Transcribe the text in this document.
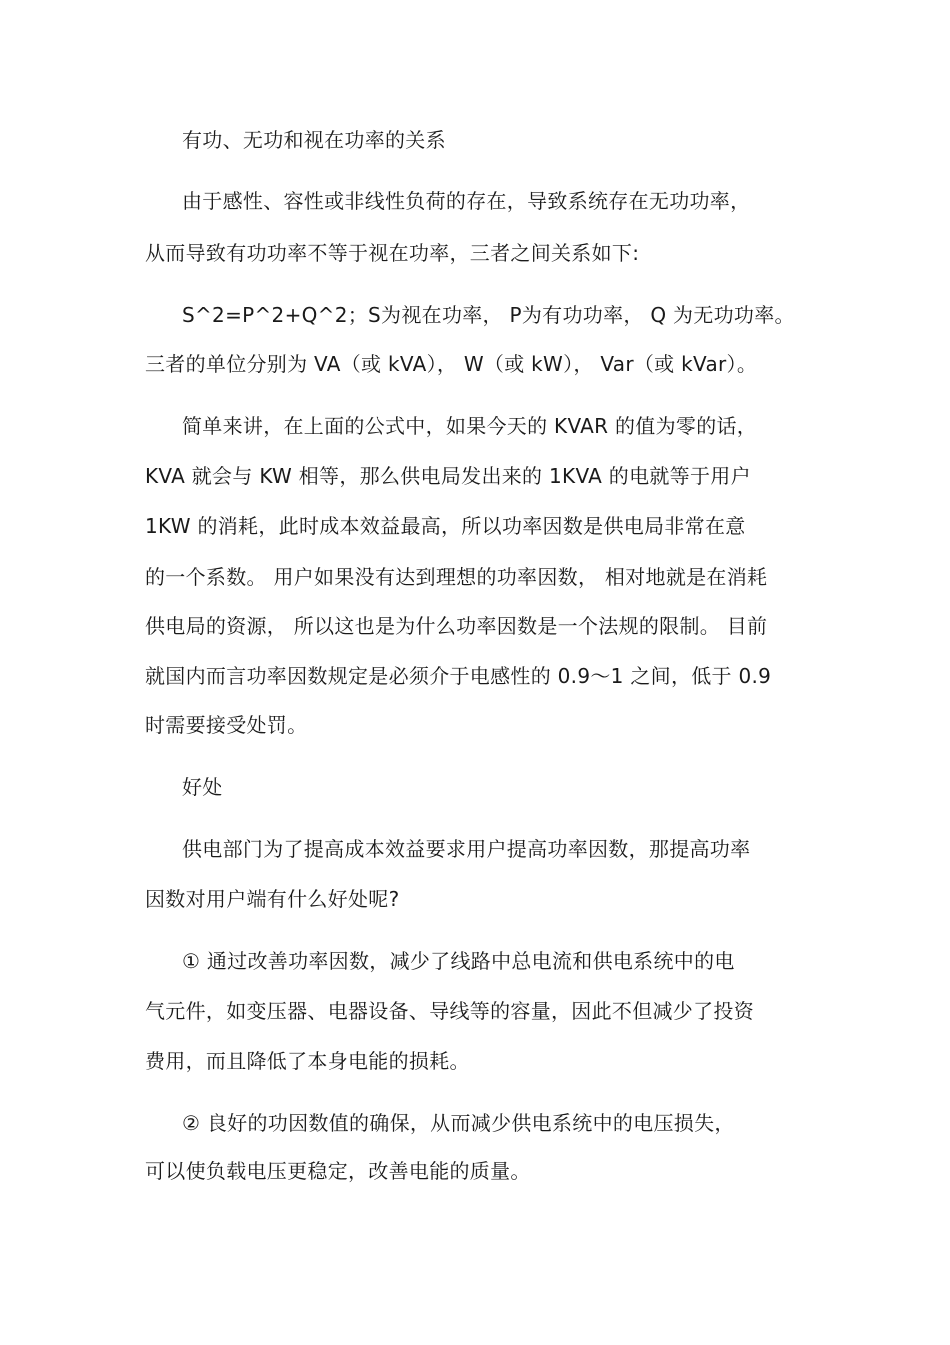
有功、无功和视在功率的关系
由于感性、容性或非线性负荷的存在，导致系统存在无功功率，
从而导致有功功率不等于视在功率，三者之间关系如下:
S^2=P^2+Q^2；S为视在功率， P为有功功率， Q 为无功功率。
三者的单位分别为 VA（或 kVA）， W（或 kW）， Var（或 kVar）。
简单来讲，在上面的公式中，如果今天的 KVAR 的值为零的话，
KVA 就会与 KW 相等，那么供电局发出来的 1KVA 的电就等于用户
1KW 的消耗，此时成本效益最高，所以功率因数是供电局非常在意
的一个系数。 用户如果没有达到理想的功率因数， 相对地就是在消耗
供电局的资源， 所以这也是为什么功率因数是一个法规的限制。 目前
就国内而言功率因数规定是必须介于电感性的 0.9～1 之间，低于 0.9
时需要接受处罚。
好处
供电部门为了提高成本效益要求用户提高功率因数，那提高功率
因数对用户端有什么好处呢?
① 通过改善功率因数，减少了线路中总电流和供电系统中的电
气元件，如变压器、电器设备、导线等的容量，因此不但减少了投资
费用，而且降低了本身电能的损耗。
② 良好的功因数值的确保，从而减少供电系统中的电压损失，
可以使负载电压更稳定，改善电能的质量。
